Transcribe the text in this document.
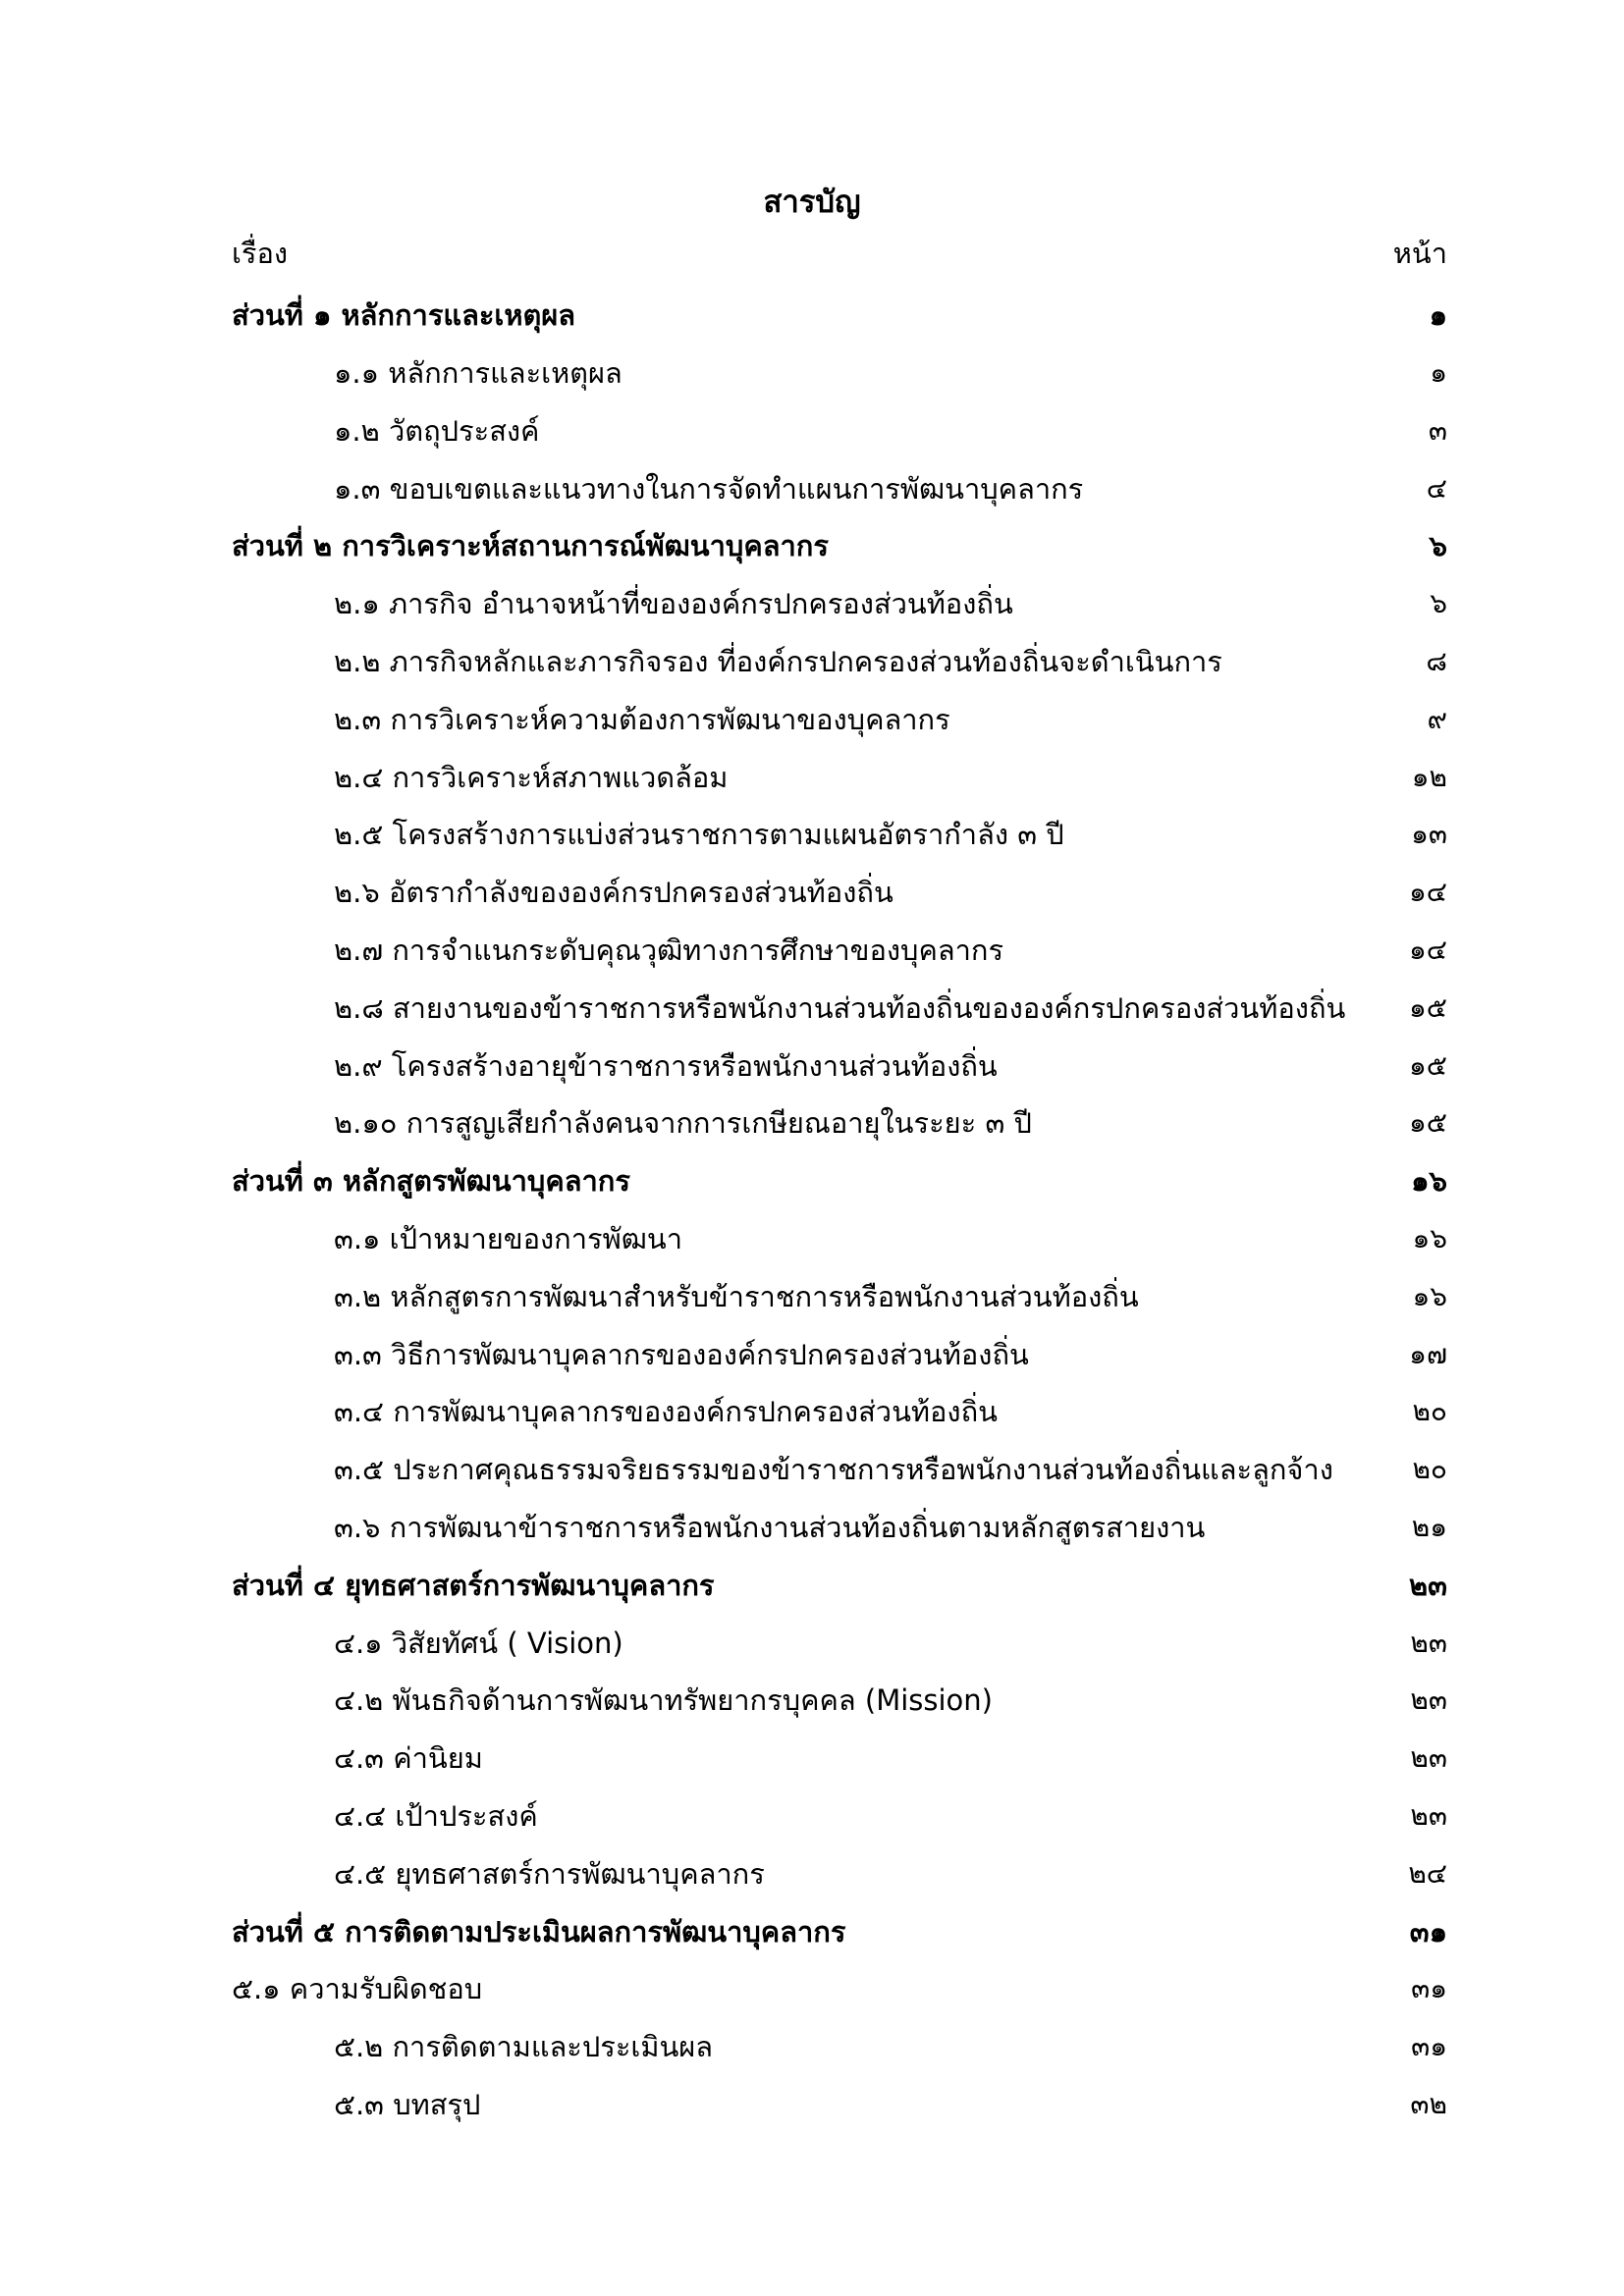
สารบัญ
เรื่อง	หน้า
ส่วนที่ ๑ หลักการและเหตุผล	๑
๑.๑ หลักการและเหตุผล	๑
๑.๒ วัตถุประสงค์	๓
๑.๓ ขอบเขตและแนวทางในการจัดทำแผนการพัฒนาบุคลากร	๔
ส่วนที่ ๒ การวิเคราะห์สถานการณ์พัฒนาบุคลากร	๖
๒.๑ ภารกิจ อำนาจหน้าที่ขององค์กรปกครองส่วนท้องถิ่น	๖
๒.๒ ภารกิจหลักและภารกิจรอง ที่องค์กรปกครองส่วนท้องถิ่นจะดำเนินการ	๘
๒.๓ การวิเคราะห์ความต้องการพัฒนาของบุคลากร	๙
๒.๔ การวิเคราะห์สภาพแวดล้อม	๑๒
๒.๕ โครงสร้างการแบ่งส่วนราชการตามแผนอัตรากำลัง ๓ ปี	๑๓
๒.๖ อัตรากำลังขององค์กรปกครองส่วนท้องถิ่น	๑๔
๒.๗ การจำแนกระดับคุณวุฒิทางการศึกษาของบุคลากร	๑๔
๒.๘ สายงานของข้าราชการหรือพนักงานส่วนท้องถิ่นขององค์กรปกครองส่วนท้องถิ่น ๑๕
๒.๙ โครงสร้างอายุข้าราชการหรือพนักงานส่วนท้องถิ่น	๑๕
๒.๑๐ การสูญเสียกำลังคนจากการเกษียณอายุในระยะ ๓ ปี	๑๕
ส่วนที่ ๓ หลักสูตรพัฒนาบุคลากร	๑๖
๓.๑ เป้าหมายของการพัฒนา	๑๖
๓.๒ หลักสูตรการพัฒนาสำหรับข้าราชการหรือพนักงานส่วนท้องถิ่น	๑๖
๓.๓ วิธีการพัฒนาบุคลากรขององค์กรปกครองส่วนท้องถิ่น	๑๗
๓.๔ การพัฒนาบุคลากรขององค์กรปกครองส่วนท้องถิ่น	๒๐
๓.๕ ประกาศคุณธรรมจริยธรรมของข้าราชการหรือพนักงานส่วนท้องถิ่นและลูกจ้าง	๒๐
๓.๖ การพัฒนาข้าราชการหรือพนักงานส่วนท้องถิ่นตามหลักสูตรสายงาน	๒๑
ส่วนที่ ๔ ยุทธศาสตร์การพัฒนาบุคลากร	๒๓
๔.๑ วิสัยทัศน์ ( Vision)	๒๓
๔.๒ พันธกิจด้านการพัฒนาทรัพยากรบุคคล (Mission)	๒๓
๔.๓ ค่านิยม	๒๓
๔.๔ เป้าประสงค์	๒๓
๔.๕ ยุทธศาสตร์การพัฒนาบุคลากร	๒๔
ส่วนที่ ๕ การติดตามประเมินผลการพัฒนาบุคลากร	๓๑
๕.๑ ความรับผิดชอบ	๓๑
๕.๒ การติดตามและประเมินผล	๓๑
๕.๓ บทสรุป	๓๒
